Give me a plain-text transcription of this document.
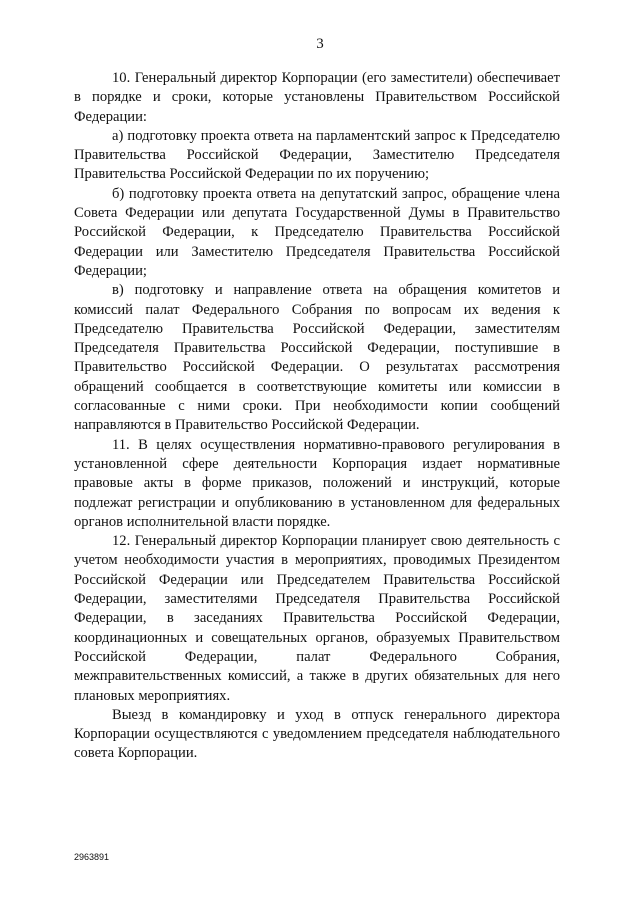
3

10. Генеральный директор Корпорации (его заместители) обеспечивает в порядке и сроки, которые установлены Правительством Российской Федерации:

а) подготовку проекта ответа на парламентский запрос к Председателю Правительства Российской Федерации, Заместителю Председателя Правительства Российской Федерации по их поручению;

б) подготовку проекта ответа на депутатский запрос, обращение члена Совета Федерации или депутата Государственной Думы в Правительство Российской Федерации, к Председателю Правительства Российской Федерации или Заместителю Председателя Правительства Российской Федерации;

в) подготовку и направление ответа на обращения комитетов и комиссий палат Федерального Собрания по вопросам их ведения к Председателю Правительства Российской Федерации, заместителям Председателя Правительства Российской Федерации, поступившие в Правительство Российской Федерации. О результатах рассмотрения обращений сообщается в соответствующие комитеты или комиссии в согласованные с ними сроки. При необходимости копии сообщений направляются в Правительство Российской Федерации.

11. В целях осуществления нормативно-правового регулирования в установленной сфере деятельности Корпорация издает нормативные правовые акты в форме приказов, положений и инструкций, которые подлежат регистрации и опубликованию в установленном для федеральных органов исполнительной власти порядке.

12. Генеральный директор Корпорации планирует свою деятельность с учетом необходимости участия в мероприятиях, проводимых Президентом Российской Федерации или Председателем Правительства Российской Федерации, заместителями Председателя Правительства Российской Федерации, в заседаниях Правительства Российской Федерации, координационных и совещательных органов, образуемых Правительством Российской Федерации, палат Федерального Собрания, межправительственных комиссий, а также в других обязательных для него плановых мероприятиях.

Выезд в командировку и уход в отпуск генерального директора Корпорации осуществляются с уведомлением председателя наблюдательного совета Корпорации.

2963891
